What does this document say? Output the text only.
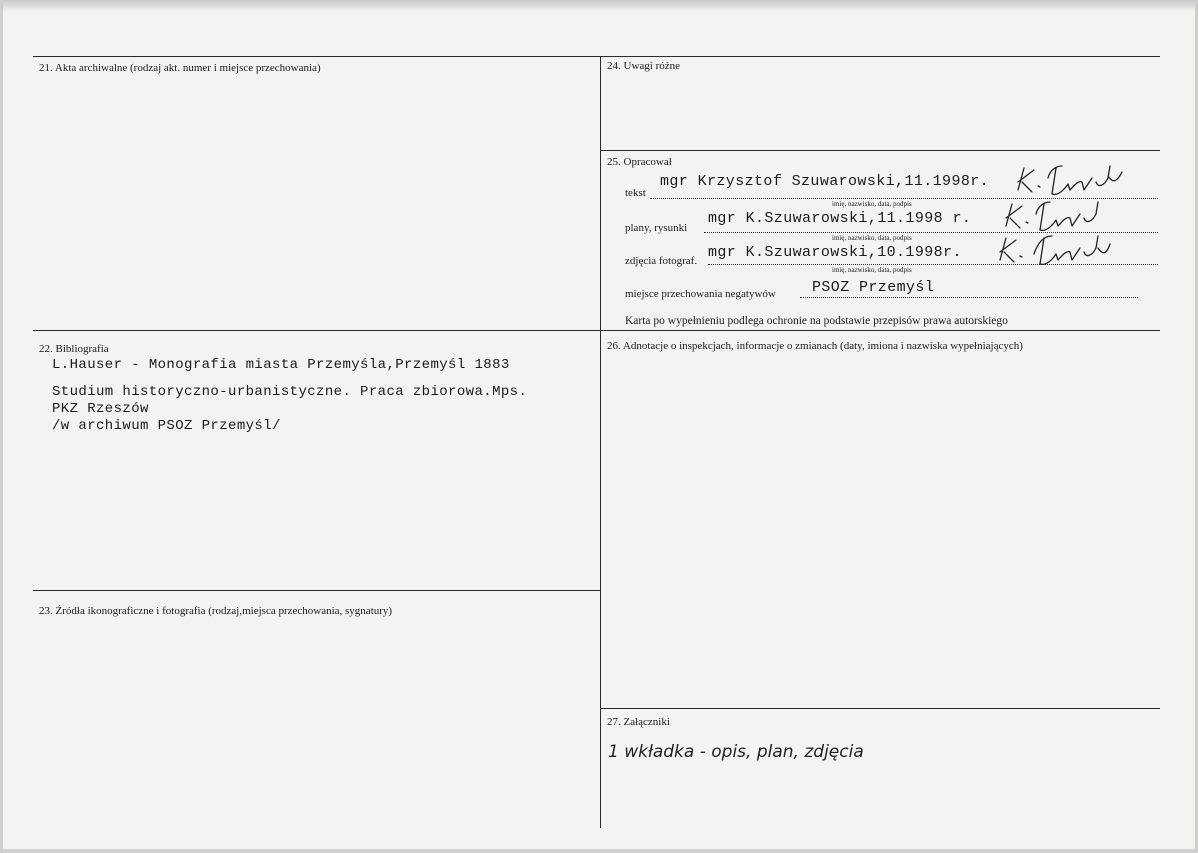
21. Akta archiwalne (rodzaj akt. numer i miejsce przechowania)	24. Uwagi różne
25. Opracował
tekst
mgr Krzysztof Szuwarowski,11.1998r.
imię, nazwisko, data, podpis
plany, rysunki
mgr K.Szuwarowski,11.1998 r.
imię, nazwisko, data, podpis
zdjęcia fotograf. mgr K.Szuwarowski,10.1998r.
imię, nazwisko, data, podpis
miejsce przechowania negatywów PSOZ Przemyśl
Karta po wypełnieniu podlega ochronie na podstawie przepisów prawa autorskiego
22. Bibliografia
L.Hauser - Monografia miasta Przemyśla,Przemyśl 1883
Studium historyczno-urbanistyczne. Praca zbiorowa.Mps.
PKZ Rzeszów
/w archiwum PSOZ Przemyśl/
26. Adnotacje o inspekcjach, informacje o zmianach (daty, imiona i nazwiska wypełniających)
23. Źródła ikonograficzne i fotografia (rodzaj,miejsca przechowania, sygnatury)
27. Załączniki
1 wkładka - opis, plan, zdjęcia
